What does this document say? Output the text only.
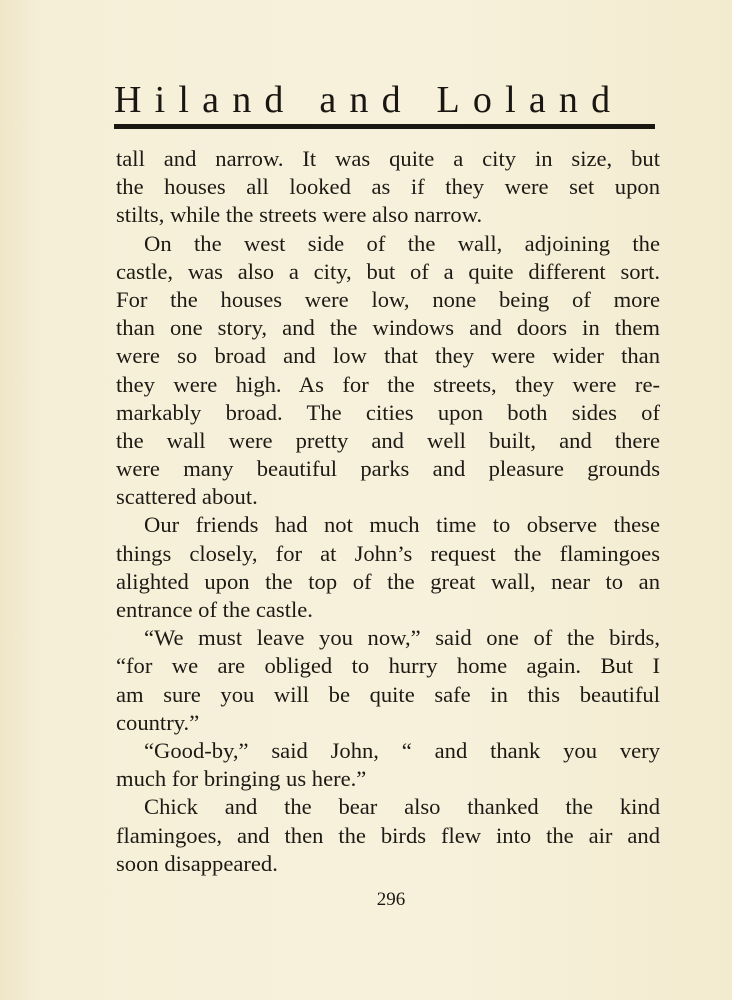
Hiland and Loland
tall and narrow. It was quite a city in size, but
the houses all looked as if they were set upon
stilts, while the streets were also narrow.
On the west side of the wall, adjoining the
castle, was also a city, but of a quite different sort.
For the houses were low, none being of more
than one story, and the windows and doors in them
were so broad and low that they were wider than
they were high. As for the streets, they were re-
markably broad. The cities upon both sides of
the wall were pretty and well built, and there
were many beautiful parks and pleasure grounds
scattered about.
Our friends had not much time to observe these
things closely, for at John’s request the flamingoes
alighted upon the top of the great wall, near to an
entrance of the castle.
“We must leave you now,” said one of the birds,
“for we are obliged to hurry home again. But I
am sure you will be quite safe in this beautiful
country.”
“Good-by,” said John, “ and thank you very
much for bringing us here.”
Chick and the bear also thanked the kind
flamingoes, and then the birds flew into the air and
soon disappeared.
296
